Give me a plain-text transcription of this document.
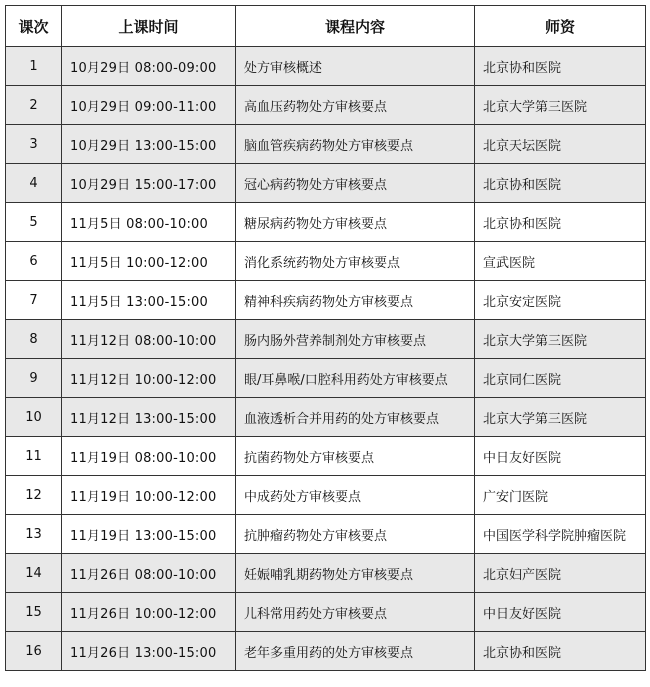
课次	上课时间	课程内容	师资
1	10月29日 08:00-09:00	处方审核概述	北京协和医院
2	10月29日 09:00-11:00	高血压药物处方审核要点	北京大学第三医院
3	10月29日 13:00-15:00	脑血管疾病药物处方审核要点	北京天坛医院
4	10月29日 15:00-17:00	冠心病药物处方审核要点	北京协和医院
5	11月5日 08:00-10:00	糖尿病药物处方审核要点	北京协和医院
6	11月5日 10:00-12:00	消化系统药物处方审核要点	宣武医院
7	11月5日 13:00-15:00	精神科疾病药物处方审核要点	北京安定医院
8	11月12日 08:00-10:00	肠内肠外营养制剂处方审核要点	北京大学第三医院
9	11月12日 10:00-12:00	眼/耳鼻喉/口腔科用药处方审核要点	北京同仁医院
10	11月12日 13:00-15:00	血液透析合并用药的处方审核要点	北京大学第三医院
11	11月19日 08:00-10:00	抗菌药物处方审核要点	中日友好医院
12	11月19日 10:00-12:00	中成药处方审核要点	广安门医院
13	11月19日 13:00-15:00	抗肿瘤药物处方审核要点	中国医学科学院肿瘤医院
14	11月26日 08:00-10:00	妊娠哺乳期药物处方审核要点	北京妇产医院
15	11月26日 10:00-12:00	儿科常用药处方审核要点	中日友好医院
16	11月26日 13:00-15:00	老年多重用药的处方审核要点	北京协和医院
